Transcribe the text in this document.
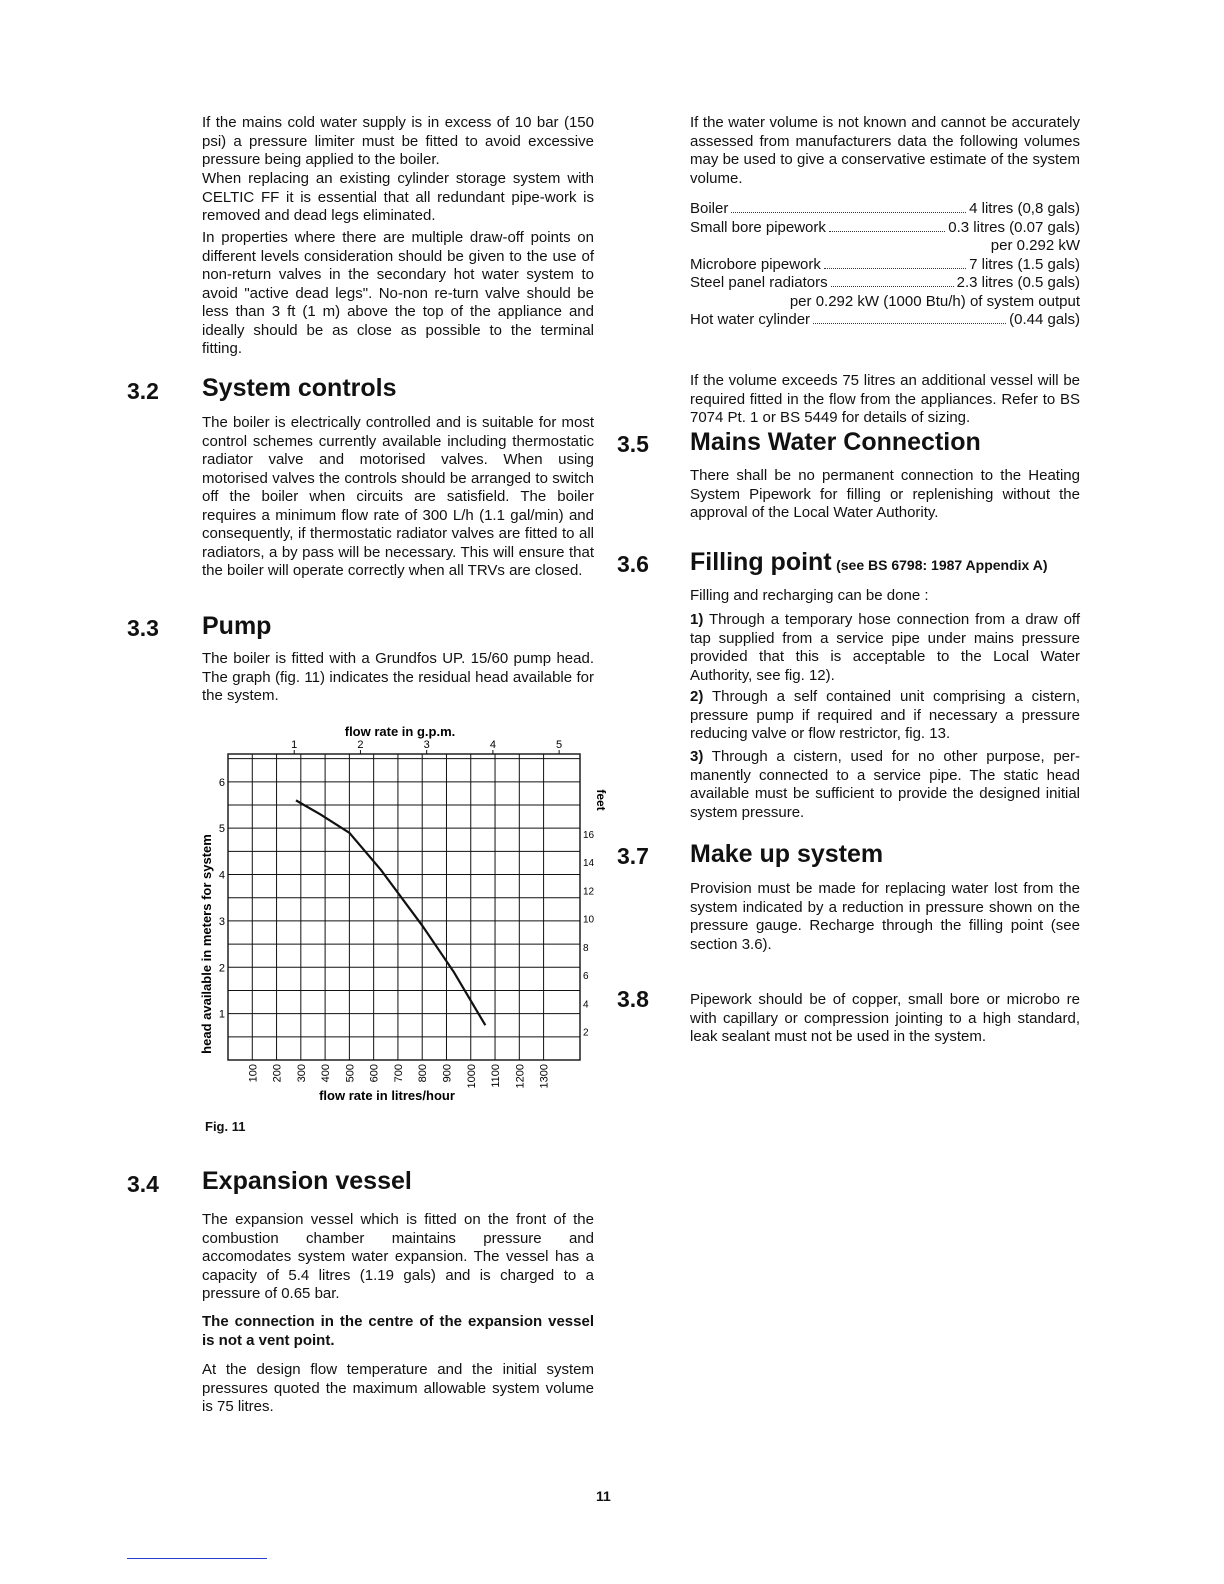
If the mains cold water supply is in excess of 10 bar (150 psi) a pressure limiter must be fitted to avoid excessive pressure being applied to the boiler.

When replacing an existing cylinder storage system with CELTIC FF it is essential that all redundant pipe-work is removed and dead legs eliminated.

In properties where there are multiple draw-off points on different levels consideration should be given to the use of non-return valves in the secondary hot water system to avoid "active dead legs". No-non re-turn valve should be less than 3 ft (1 m) above the top of the appliance and ideally should be as close as possible to the terminal fitting.

3.2 System controls

The boiler is electrically controlled and is suitable for most control schemes currently available including thermostatic radiator valve and motorised valves. When using motorised valves the controls should be arranged to switch off the boiler when circuits are satisfield. The boiler requires a minimum flow rate of 300 L/h (1.1 gal/min) and consequently, if thermostatic radiator valves are fitted to all radiators, a by pass will be necessary. This will ensure that the boiler will operate correctly when all TRVs are closed.

3.3 Pump

The boiler is fitted with a Grundfos UP. 15/60 pump head. The graph (fig. 11) indicates the residual head available for the system.

100 200 300 400 500 600 700 800 900 1000 1100 1200 1300
1	2	3	4	5
1
2
3
4
5
6
2
4
6
8
10
12
14
16
flow rate in g.p.m.
flow rate in litres/hour
head available in meters for system
feet
Fig. 11
3.4 Expansion vessel

The expansion vessel which is fitted on the front of the combustion chamber maintains pressure and accomodates system water expansion. The vessel has a capacity of 5.4 litres (1.19 gals) and is charged to a pressure of 0.65 bar.

The connection in the centre of the expansion vessel is not a vent point.

At the design flow temperature and the initial system pressures quoted the maximum allowable system volume is 75 litres.

If the water volume is not known and cannot be accurately assessed from manufacturers data the following volumes may be used to give a conservative estimate of the system volume.

Boiler	4 litres (0,8 gals)
Small bore pipework	0.3 litres (0.07 gals)
per 0.292 kW
Microbore pipework	7 litres (1.5 gals)
Steel panel radiators	2.3 litres (0.5 gals)
per 0.292 kW (1000 Btu/h) of system output
Hot water cylinder	(0.44 gals)

If the volume exceeds 75 litres an additional vessel will be required fitted in the flow from the appliances. Refer to BS 7074 Pt. 1 or BS 5449 for details of sizing.

3.5 Mains Water Connection

There shall be no permanent connection to the Heating System Pipework for filling or replenishing without the approval of the Local Water Authority.

3.6 Filling point (see BS 6798: 1987 Appendix A)

Filling and recharging can be done :

1) Through a temporary hose connection from a draw off tap supplied from a service pipe under mains pressure provided that this is acceptable to the Local Water Authority, see fig. 12).

2) Through a self contained unit comprising a cistern, pressure pump if required and if necessary a pressure reducing valve or flow restrictor, fig. 13.

3) Through a cistern, used for no other purpose, per-manently connected to a service pipe. The static head available must be sufficient to provide the designed initial system pressure.

3.7 Make up system

Provision must be made for replacing water lost from the system indicated by a reduction in pressure shown on the pressure gauge. Recharge through the filling point (see section 3.6).

3.8	Pipework should be of copper, small bore or microbo re with capillary or compression jointing to a high standard, leak sealant must not be used in the system.

11
